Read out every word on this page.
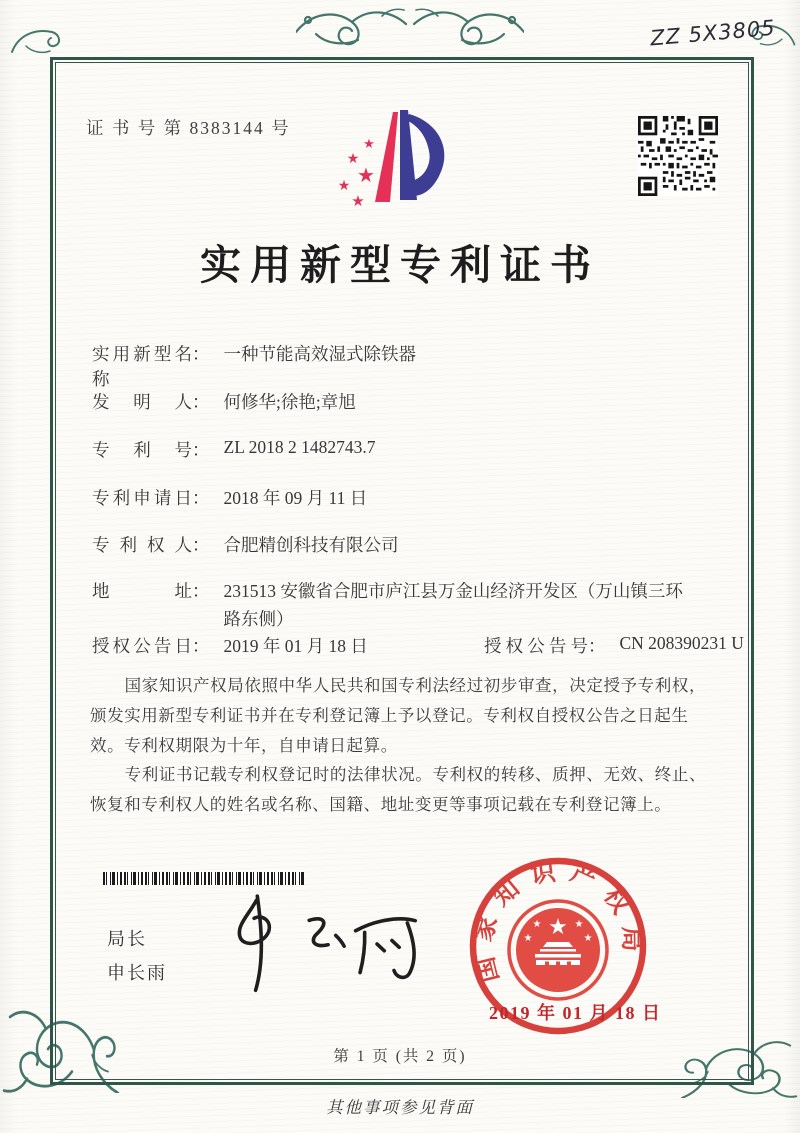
ZZ 5X3805
证 书 号 第 8383144 号
★
★
★
★
★
实用新型专利证书
实用新型名称
： 一种节能高效湿式除铁器
发明人 ： 何修华;徐艳;章旭
专利号 ： ZL 2018 2 1482743.7
专利申请日 ： 2018 年 09 月 11 日
专利权人 ： 合肥精创科技有限公司
地址 ： 231513 安徽省合肥市庐江县万金山经济开发区（万山镇三环路东侧）
授权公告日 ： 2019 年 01 月 18 日	授权公告号 ： CN 208390231 U

国家知识产权局依照中华人民共和国专利法经过初步审查，决定授予专利权，颁发实用新型专利证书并在专利登记簿上予以登记。专利权自授权公告之日起生效。专利权期限为十年，自申请日起算。

专利证书记载专利权登记时的法律状况。专利权的转移、质押、无效、终止、恢复和专利权人的姓名或名称、国籍、地址变更等事项记载在专利登记簿上。

局长
申长雨	国家知识产权局
★
★
★
★
★
2019 年 01 月 18 日
第 1 页 (共 2 页)
其他事项参见背面
